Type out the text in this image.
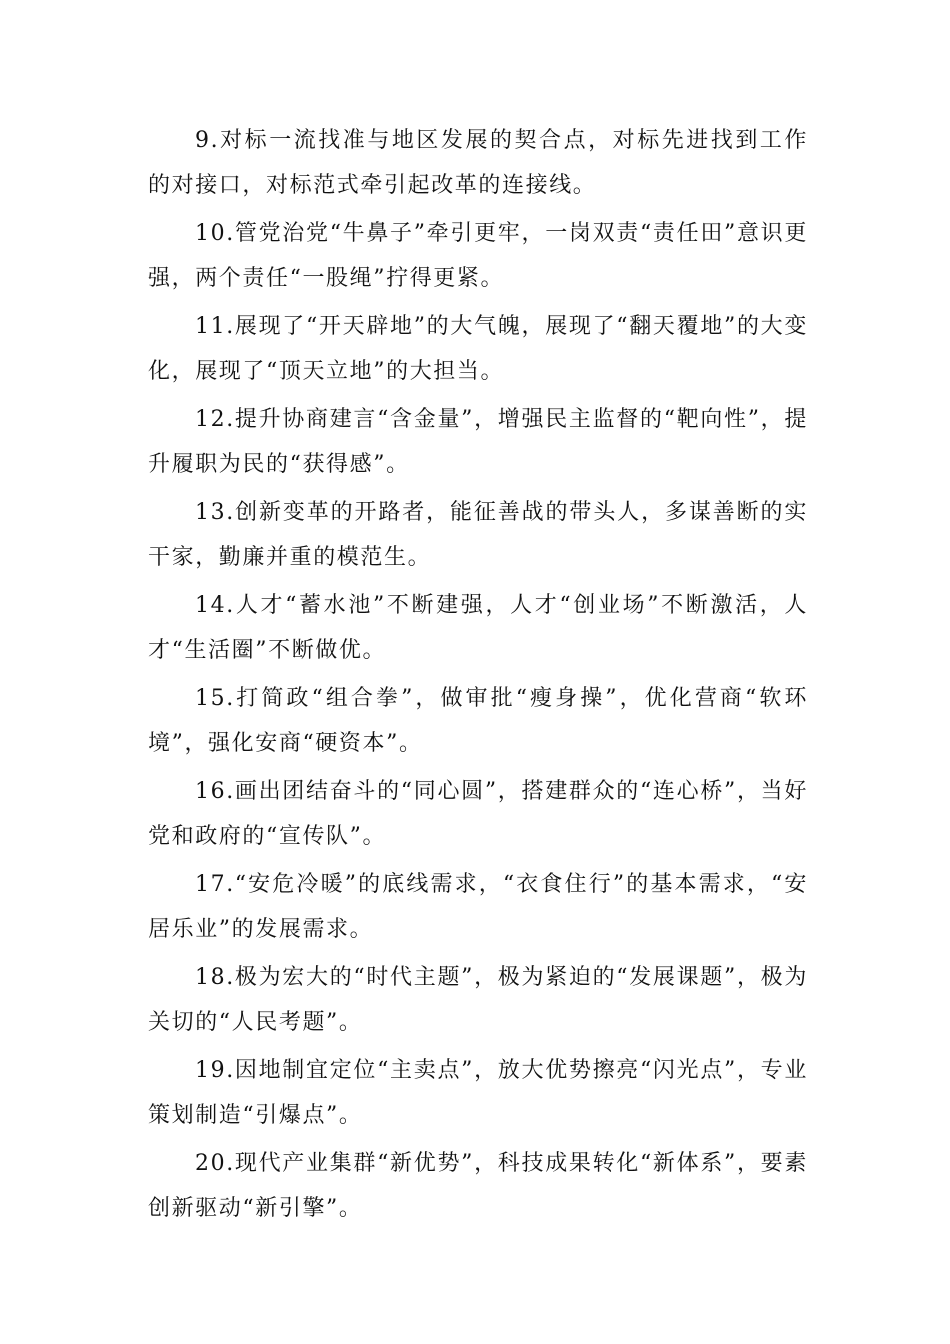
9.对标一流找准与地区发展的契合点，对标先进找到工作的对接口，对标范式牵引起改革的连接线。

10.管党治党“牛鼻子”牵引更牢，一岗双责“责任田”意识更强，两个责任“一股绳”拧得更紧。

11.展现了“开天辟地”的大气魄，展现了“翻天覆地”的大变化，展现了“顶天立地”的大担当。

12.提升协商建言“含金量”，增强民主监督的“靶向性”，提升履职为民的“获得感”。

13.创新变革的开路者，能征善战的带头人，多谋善断的实干家，勤廉并重的模范生。

14.人才“蓄水池”不断建强，人才“创业场”不断激活，人才“生活圈”不断做优。

15.打简政“组合拳”，做审批“瘦身操”，优化营商“软环境”，强化安商“硬资本”。

16.画出团结奋斗的“同心圆”，搭建群众的“连心桥”，当好党和政府的“宣传队”。

17.“安危冷暖”的底线需求，“衣食住行”的基本需求，“安居乐业”的发展需求。

18.极为宏大的“时代主题”，极为紧迫的“发展课题”，极为关切的“人民考题”。

19.因地制宜定位“主卖点”，放大优势擦亮“闪光点”，专业策划制造“引爆点”。

20.现代产业集群“新优势”，科技成果转化“新体系”，要素创新驱动“新引擎”。
